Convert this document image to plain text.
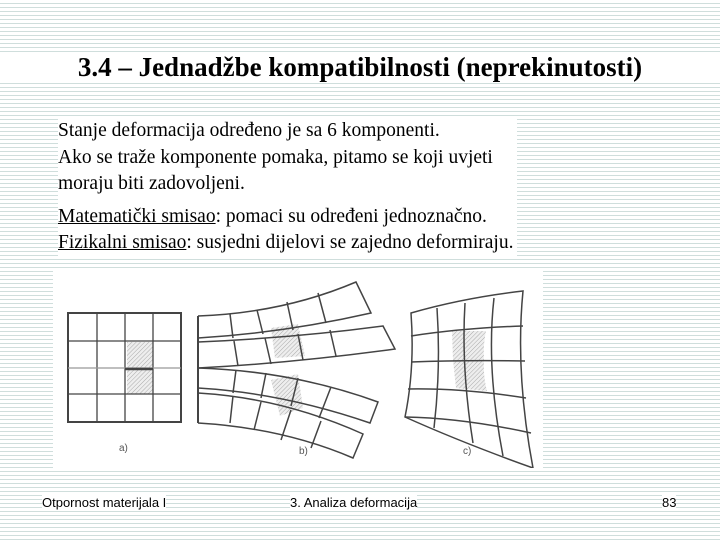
3.4 – Jednadžbe kompatibilnosti (neprekinutosti)
Stanje deformacija određeno je sa 6 komponenti.
Ako se traže komponente pomaka, pitamo se koji uvjeti
moraju biti zadovoljeni.
Matematički smisao: pomaci su određeni jednoznačno.
Fizikalni smisao: susjedni dijelovi se zajedno deformiraju.
a)	b)	c)
Otpornost materijala I	3. Analiza deformacija	83
